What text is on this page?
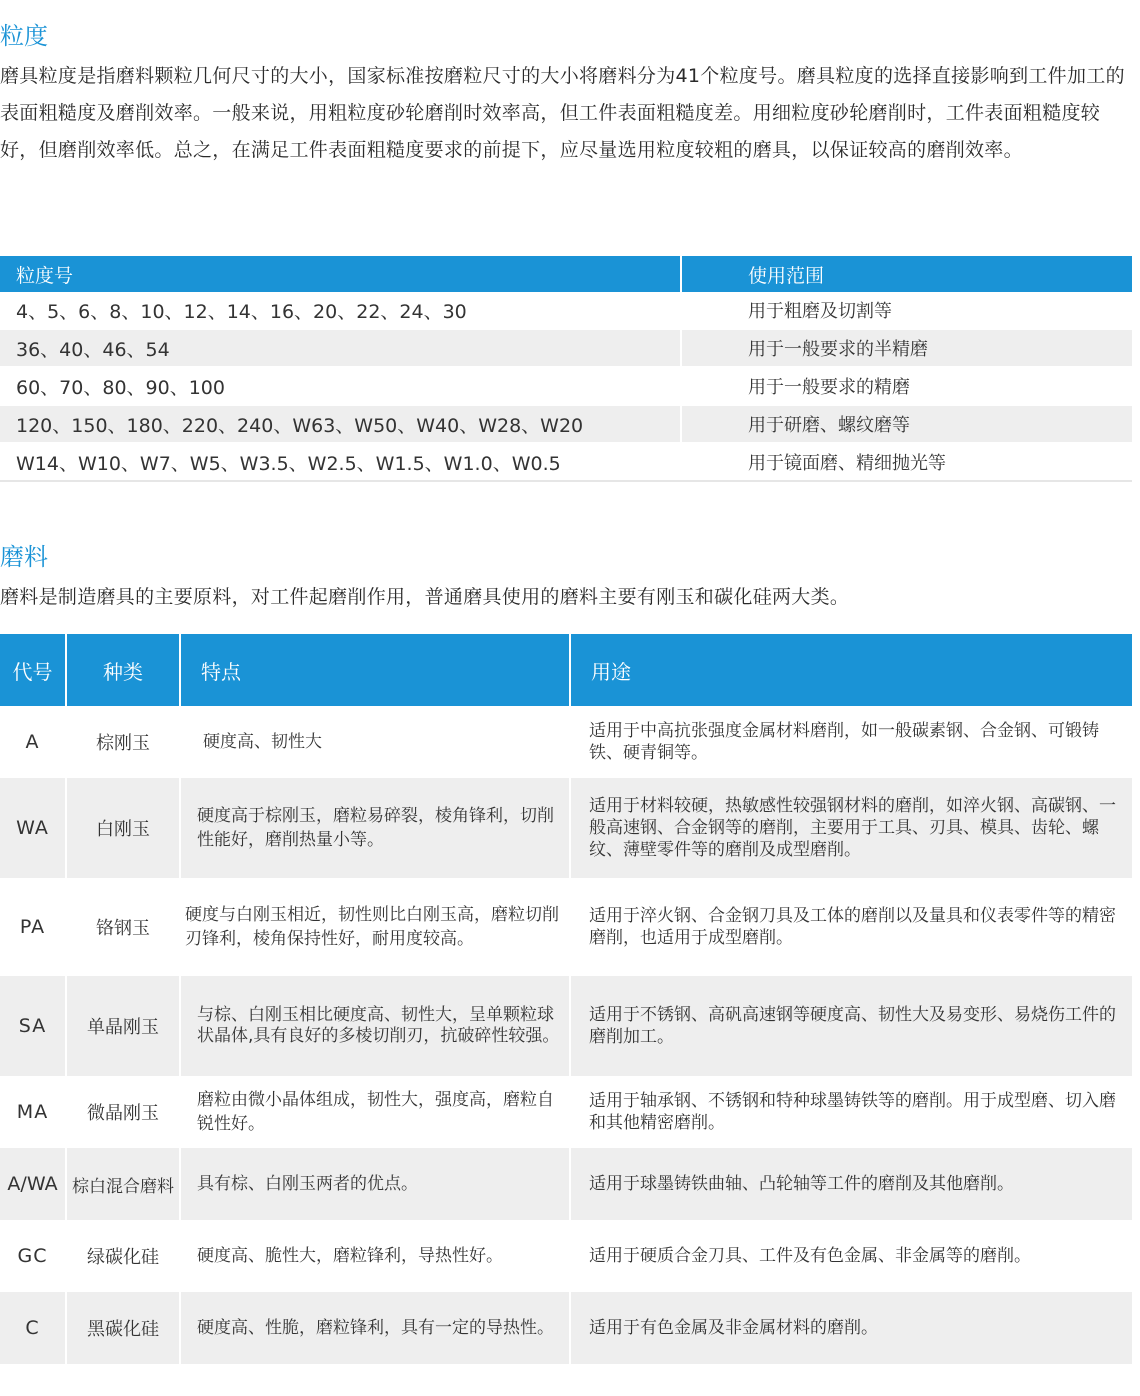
粒度

磨具粒度是指磨料颗粒几何尺寸的大小，国家标准按磨粒尺寸的大小将磨料分为41个粒度号。磨具粒度的选择直接影响到工件加工的表面粗糙度及磨削效率。一般来说，用粗粒度砂轮磨削时效率高，但工件表面粗糙度差。用细粒度砂轮磨削时，工件表面粗糙度较好，但磨削效率低。总之，在满足工件表面粗糙度要求的前提下，应尽量选用粒度较粗的磨具，以保证较高的磨削效率。

粒度号	使用范围
4、5、6、8、10、12、14、16、20、22、24、30	用于粗磨及切割等
36、40、46、54	用于一般要求的半精磨
60、70、80、90、100	用于一般要求的精磨
120、150、180、220、240、W63、W50、W40、W28、W20	用于研磨、螺纹磨等
W14、W10、W7、W5、W3.5、W2.5、W1.5、W1.0、W0.5	用于镜面磨、精细抛光等
磨料

磨料是制造磨具的主要原料，对工件起磨削作用，普通磨具使用的磨料主要有刚玉和碳化硅两大类。

代号	种类	特点	用途
A	棕刚玉	硬度高、韧性大	适用于中高抗张强度金属材料磨削，如一般碳素钢、合金钢、可锻铸铁、硬青铜等。
WA	白刚玉	硬度高于棕刚玉，磨粒易碎裂，棱角锋利，切削性能好，磨削热量小等。	适用于材料较硬，热敏感性较强钢材料的磨削，如淬火钢、高碳钢、一般高速钢、合金钢等的磨削，主要用于工具、刃具、模具、齿轮、螺纹、薄壁零件等的磨削及成型磨削。
PA	铬钢玉	硬度与白刚玉相近，韧性则比白刚玉高，磨粒切削刃锋利，棱角保持性好，耐用度较高。	适用于淬火钢、合金钢刀具及工体的磨削以及量具和仪表零件等的精密磨削，也适用于成型磨削。
SA	单晶刚玉	与棕、白刚玉相比硬度高、韧性大，呈单颗粒球状晶体,具有良好的多棱切削刃，抗破碎性较强。	适用于不锈钢、高矾高速钢等硬度高、韧性大及易变形、易烧伤工件的磨削加工。
MA	微晶刚玉	磨粒由微小晶体组成，韧性大，强度高，磨粒自锐性好。	适用于轴承钢、不锈钢和特种球墨铸铁等的磨削。用于成型磨、切入磨和其他精密磨削。
A/WA	棕白混合磨料	具有棕、白刚玉两者的优点。	适用于球墨铸铁曲轴、凸轮轴等工件的磨削及其他磨削。
GC	绿碳化硅	硬度高、脆性大，磨粒锋利，导热性好。	适用于硬质合金刀具、工件及有色金属、非金属等的磨削。
C	黑碳化硅	硬度高、性脆，磨粒锋利，具有一定的导热性。	适用于有色金属及非金属材料的磨削。
